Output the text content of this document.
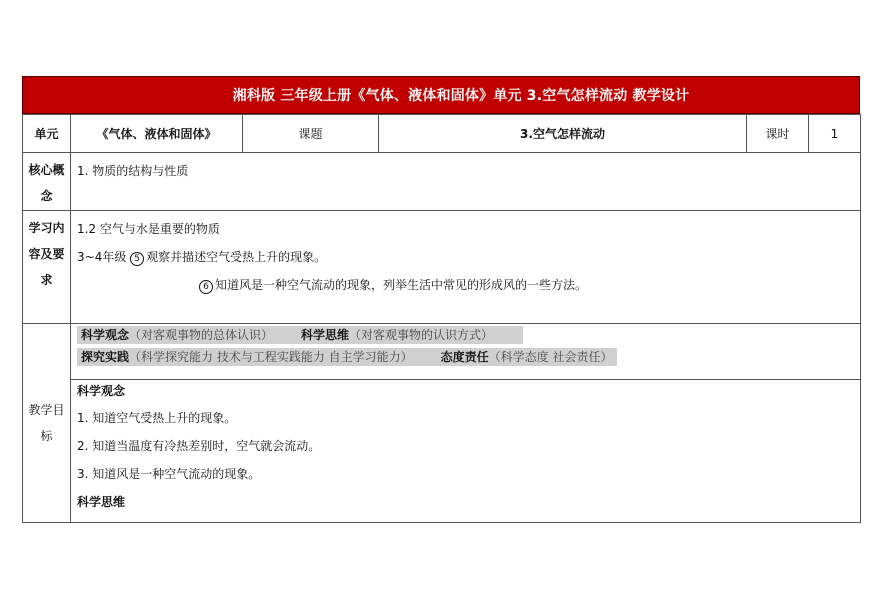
湘科版 三年级上册《气体、液体和固体》单元 3.空气怎样流动 教学设计
单元	《气体、液体和固体》	课题	3.空气怎样流动	课时	1
核心概念	1. 物质的结构与性质				

学习内容及要求	1.2 空气与水是重要的物质
3~4年级 5 观察并描述空气受热上升的现象。
6 知道风是一种空气流动的现象，列举生活中常见的形成风的一些方法。				

教学目标	科学观念（对客观事物的总体认识） 科学思维（对客观事物的认识方式）
探究实践（科学探究能力 技术与工程实践能力 自主学习能力） 态度责任（科学态度 社会责任）				

	科学观念
1. 知道空气受热上升的现象。
2. 知道当温度有冷热差别时，空气就会流动。
3. 知道风是一种空气流动的现象。
科学思维				
